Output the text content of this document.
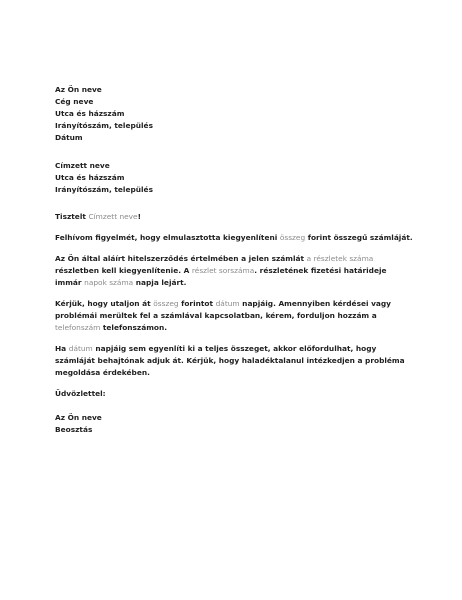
Az Ön neve

Cég neve

Utca és házszám

Irányítószám, település

Dátum

Címzett neve

Utca és házszám

Irányítószám, település

Tisztelt Címzett neve!

Felhívom figyelmét, hogy elmulasztotta kiegyenlíteni összeg forint összegű számláját.

Az Ön által aláírt hitelszerződés értelmében a jelen számlát a részletek száma részletben kell kiegyenlítenie. A részlet sorszáma. részletének fizetési határideje immár napok száma napja lejárt.

Kérjük, hogy utaljon át összeg forintot dátum napjáig. Amennyiben kérdései vagy problémái merültek fel a számlával kapcsolatban, kérem, forduljon hozzám a telefonszám telefonszámon.

Ha dátum napjáig sem egyenlíti ki a teljes összeget, akkor előfordulhat, hogy számláját behajtónak adjuk át. Kérjük, hogy haladéktalanul intézkedjen a probléma megoldása érdekében.

Üdvözlettel:

Az Ön neve

Beosztás
